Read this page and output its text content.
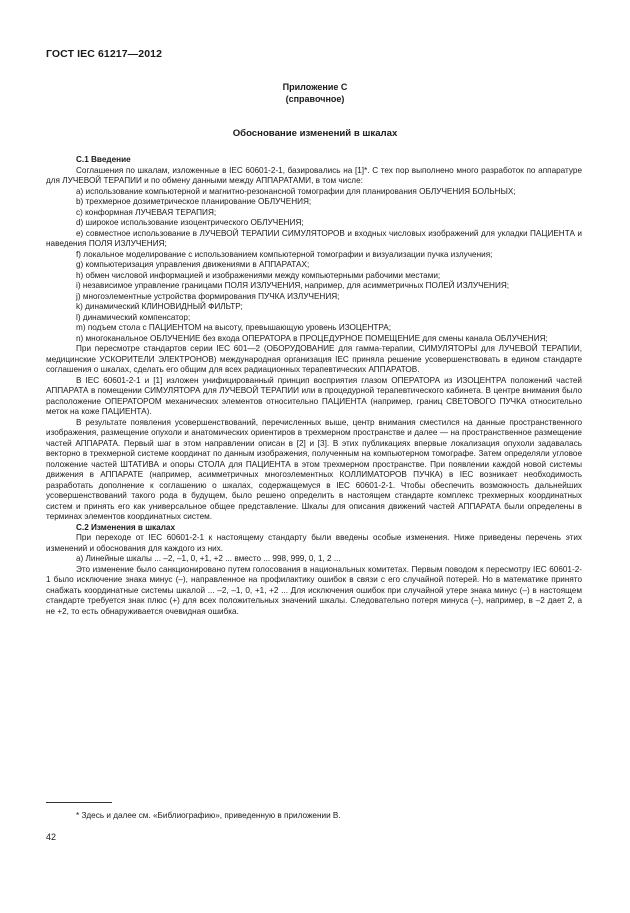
ГОСТ IEC 61217—2012
Приложение С
(справочное)
Обоснование изменений в шкалах

С.1 Введение

Соглашения по шкалам, изложенные в IEC 60601-2-1, базировались на [1]*. С тех пор выполнено много разработок по аппаратуре для ЛУЧЕВОЙ ТЕРАПИИ и по обмену данными между АППАРАТАМИ, в том числе:

a) использование компьютерной и магнитно-резонансной томографии для планирования ОБЛУЧЕНИЯ БОЛЬНЫХ;

b) трехмерное дозиметрическое планирование ОБЛУЧЕНИЯ;

c) конформная ЛУЧЕВАЯ ТЕРАПИЯ;

d) широкое использование изоцентрического ОБЛУЧЕНИЯ;

e) совместное использование в ЛУЧЕВОЙ ТЕРАПИИ СИМУЛЯТОРОВ и входных числовых изображений для укладки ПАЦИЕНТА и наведения ПОЛЯ ИЗЛУЧЕНИЯ;

f) локальное моделирование с использованием компьютерной томографии и визуализации пучка излучения;

g) компьютеризация управления движениями в АППАРАТАХ;

h) обмен числовой информацией и изображениями между компьютерными рабочими местами;

i) независимое управление границами ПОЛЯ ИЗЛУЧЕНИЯ, например, для асимметричных ПОЛЕЙ ИЗЛУЧЕНИЯ;

j) многоэлементные устройства формирования ПУЧКА ИЗЛУЧЕНИЯ;

k) динамический КЛИНОВИДНЫЙ ФИЛЬТР;

l) динамический компенсатор;

m) подъем стола с ПАЦИЕНТОМ на высоту, превышающую уровень ИЗОЦЕНТРА;

n) многоканальное ОБЛУЧЕНИЕ без входа ОПЕРАТОРА в ПРОЦЕДУРНОЕ ПОМЕЩЕНИЕ для смены канала ОБЛУЧЕНИЯ;

При пересмотре стандартов серии IEC 601—2 (ОБОРУДОВАНИЕ для гамма-терапии, СИМУЛЯТОРЫ для ЛУЧЕВОЙ ТЕРАПИИ, медицинские УСКОРИТЕЛИ ЭЛЕКТРОНОВ) международная организация IEC приняла решение усовершенствовать в едином стандарте соглашения о шкалах, сделать его общим для всех радиационных терапевтических АППАРАТОВ.

В IEC 60601-2-1 и [1] изложен унифицированный принцип восприятия глазом ОПЕРАТОРА из ИЗОЦЕНТРА положений частей АППАРАТА в помещении СИМУЛЯТОРА для ЛУЧЕВОЙ ТЕРАПИИ или в процедурной терапевтического кабинета. В центре внимания было расположение ОПЕРАТОРОМ механических элементов относительно ПАЦИЕНТА (например, границ СВЕТОВОГО ПУЧКА относительно меток на коже ПАЦИЕНТА).

В результате появления усовершенствований, перечисленных выше, центр внимания сместился на данные пространственного изображения, размещение опухоли и анатомических ориентиров в трехмерном пространстве и далее — на пространственное размещение частей АППАРАТА. Первый шаг в этом направлении описан в [2] и [3]. В этих публикациях впервые локализация опухоли задавалась векторно в трехмерной системе координат по данным изображения, полученным на компьютерном томографе. Затем определяли угловое положение частей ШТАТИВА и опоры СТОЛА для ПАЦИЕНТА в этом трехмерном пространстве. При появлении каждой новой системы движения в АППАРАТЕ (например, асимметричных многоэлементных КОЛЛИМАТОРОВ ПУЧКА) в IEC возникает необходимость разработать дополнение к соглашению о шкалах, содержащемуся в IEC 60601-2-1. Чтобы обеспечить возможность дальнейших усовершенствований такого рода в будущем, было решено определить в настоящем стандарте комплекс трехмерных координатных систем и принять его как универсальное общее представление. Шкалы для описания движений частей АППАРАТА были определены в терминах элементов координатных систем.

С.2 Изменения в шкалах

При переходе от IEC 60601-2-1 к настоящему стандарту были введены особые изменения. Ниже приведены перечень этих изменений и обоснования для каждого из них.

a) Линейные шкалы ... –2, –1, 0, +1, +2 ... вместо ... 998, 999, 0, 1, 2 ...

Это изменение было санкционировано путем голосования в национальных комитетах. Первым поводом к пересмотру IEC 60601-2-1 было исключение знака минус (–), направленное на профилактику ошибок в связи с его случайной потерей. Но в математике принято снабжать координатные системы шкалой ... –2, –1, 0, +1, +2 ... Для исключения ошибок при случайной утере знака минус (–) в настоящем стандарте требуется знак плюс (+) для всех положительных значений шкалы. Следовательно потеря минуса (–), например, в –2 дает 2, а не +2, то есть обнаруживается очевидная ошибка.

* Здесь и далее см. «Библиографию», приведенную в приложении В.
42
